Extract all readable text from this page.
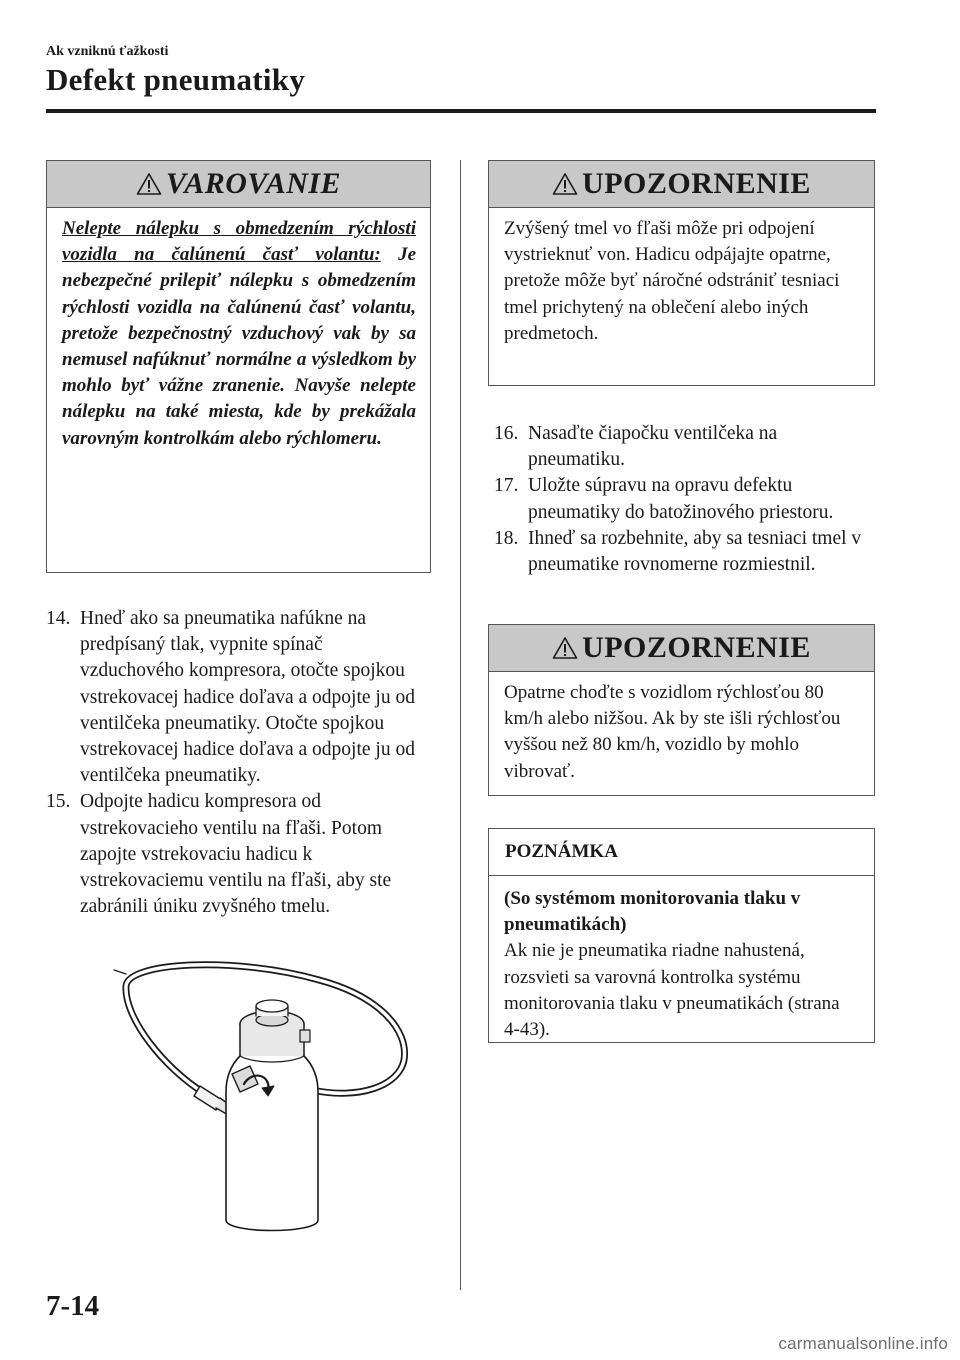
Ak vzniknú ťažkosti
Defekt pneumatiky
VAROVANIE
Nelepte nálepku s obmedzením rýchlosti vozidla na čalúnenú časť volantu: Je nebezpečné prilepiť nálepku s obmedzením rýchlosti vozidla na čalúnenú časť volantu, pretože bezpečnostný vzduchový vak by sa nemusel nafúknuť normálne a výsledkom by mohlo byť vážne zranenie. Navyše nelepte nálepku na také miesta, kde by prekážala varovným kontrolkám alebo rýchlomeru.
14. Hneď ako sa pneumatika nafúkne na predpísaný tlak, vypnite spínač vzduchového kompresora, otočte spojkou vstrekovacej hadice doľava a odpojte ju od ventilčeka pneumatiky. Otočte spojkou vstrekovacej hadice doľava a odpojte ju od ventilčeka pneumatiky.
15. Odpojte hadicu kompresora od vstrekovacieho ventilu na fľaši. Potom zapojte vstrekovaciu hadicu k vstrekovaciemu ventilu na fľaši, aby ste zabránili úniku zvyšného tmelu.
UPOZORNENIE
Zvýšený tmel vo fľaši môže pri odpojení vystrieknuť von. Hadicu odpájajte opatrne, pretože môže byť náročné odstrániť tesniaci tmel prichytený na oblečení alebo iných predmetoch.
16. Nasaďte čiapočku ventilčeka na pneumatiku.
17. Uložte súpravu na opravu defektu pneumatiky do batožinového priestoru.
18. Ihneď sa rozbehnite, aby sa tesniaci tmel v pneumatike rovnomerne rozmiestnil.
UPOZORNENIE
Opatrne choďte s vozidlom rýchlosťou 80 km/h alebo nižšou. Ak by ste išli rýchlosťou vyššou než 80 km/h, vozidlo by mohlo vibrovať.
POZNÁMKA
(So systémom monitorovania tlaku v pneumatikách)
Ak nie je pneumatika riadne nahustená, rozsvieti sa varovná kontrolka systému monitorovania tlaku v pneumatikách (strana 4-43).
7-14
carmanualsonline.info
